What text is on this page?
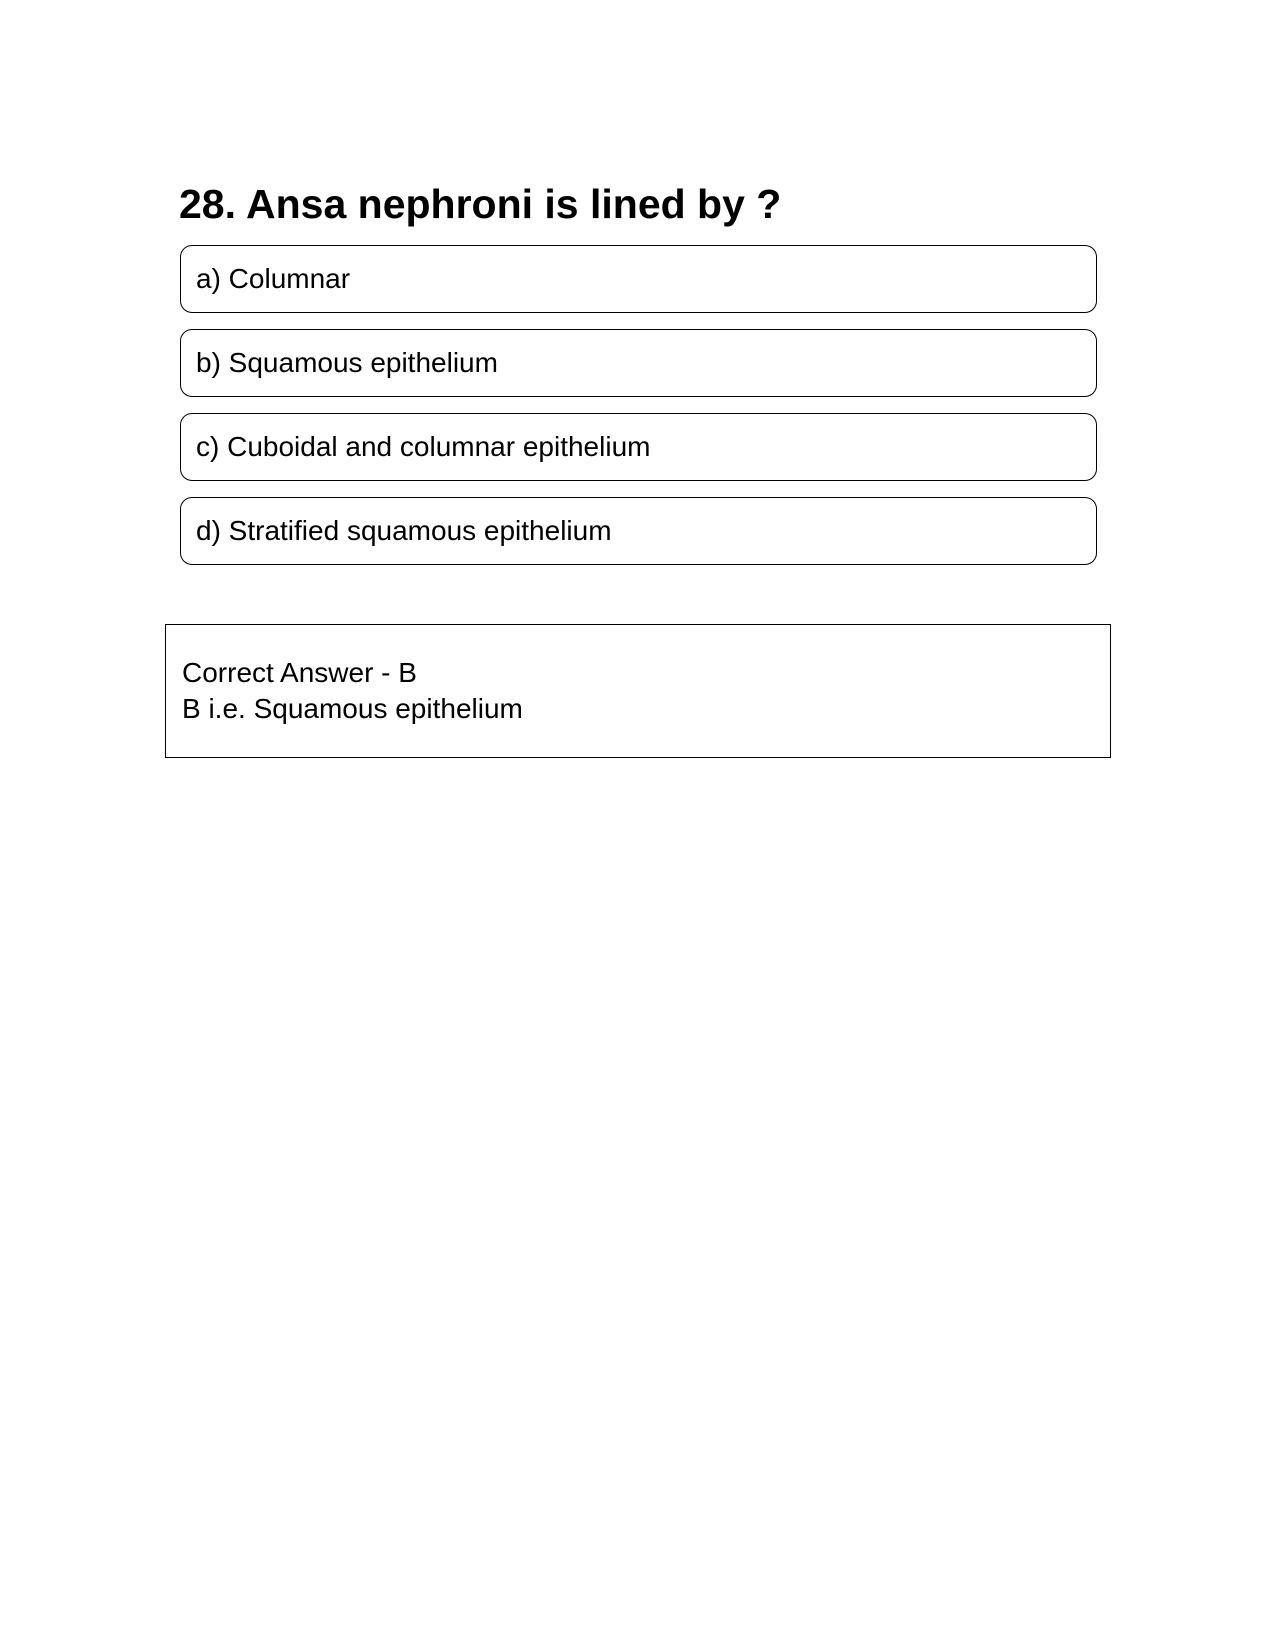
28. Ansa nephroni is lined by ?
a) Columnar
b) Squamous epithelium
c) Cuboidal and columnar epithelium
d) Stratified squamous epithelium
Correct Answer - B
B i.e. Squamous epithelium
